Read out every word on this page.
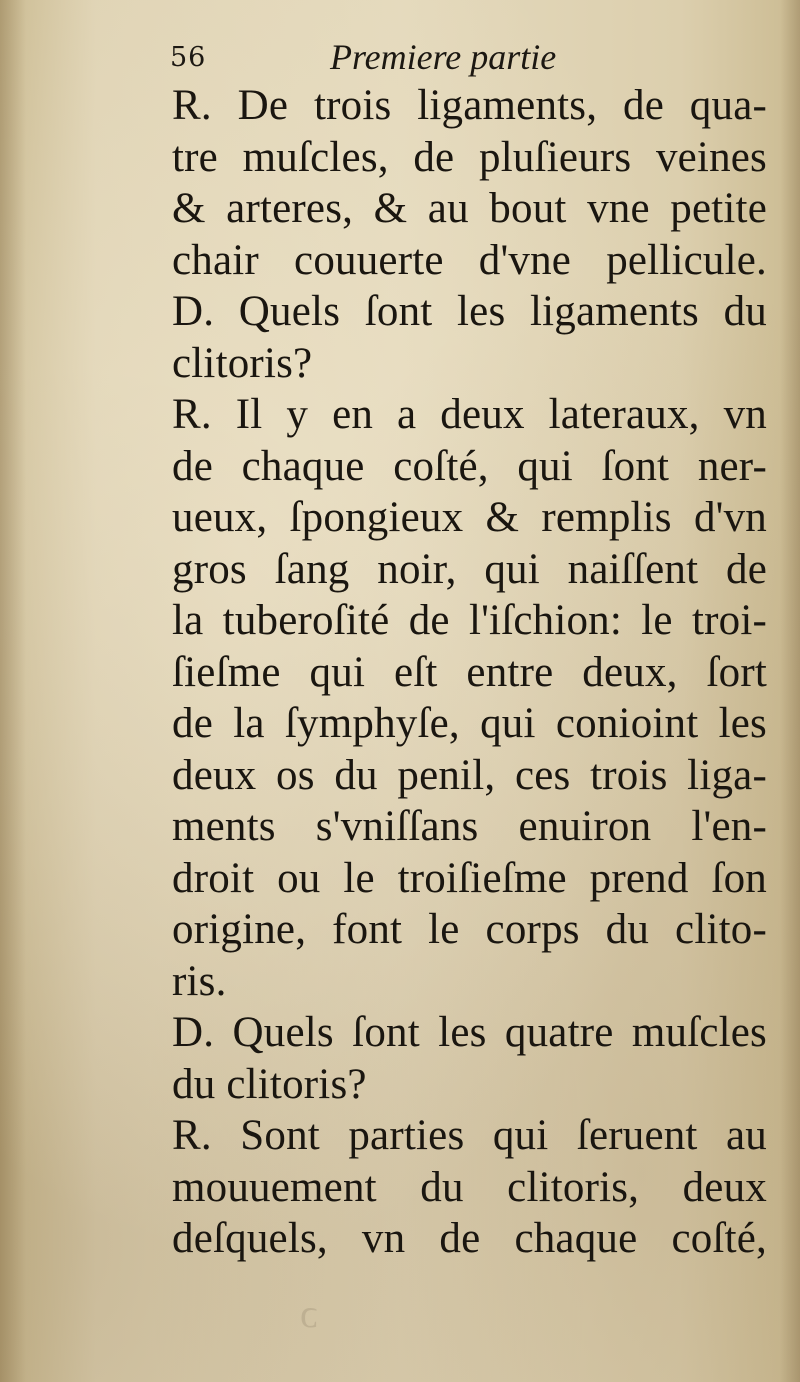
56	Premiere partie
R. De trois ligaments, de qua-
tre muſcles, de pluſieurs veines
& arteres, & au bout vne petite
chair couuerte d'vne pellicule.
D. Quels ſont les ligaments du
clitoris?
R. Il y en a deux lateraux, vn
de chaque coſté, qui ſont ner-
ueux, ſpongieux & remplis d'vn
gros ſang noir, qui naiſſent de
la tuberoſité de l'iſchion: le troi-
ſieſme qui eſt entre deux, ſort
de la ſymphyſe, qui conioint les
deux os du penil, ces trois liga-
ments s'vniſſans enuiron l'en-
droit ou le troiſieſme prend ſon
origine, font le corps du clito-
ris.
D. Quels ſont les quatre muſcles
du clitoris?
R. Sont parties qui ſeruent au
mouuement du clitoris, deux
deſquels, vn de chaque coſté,
ɔ
